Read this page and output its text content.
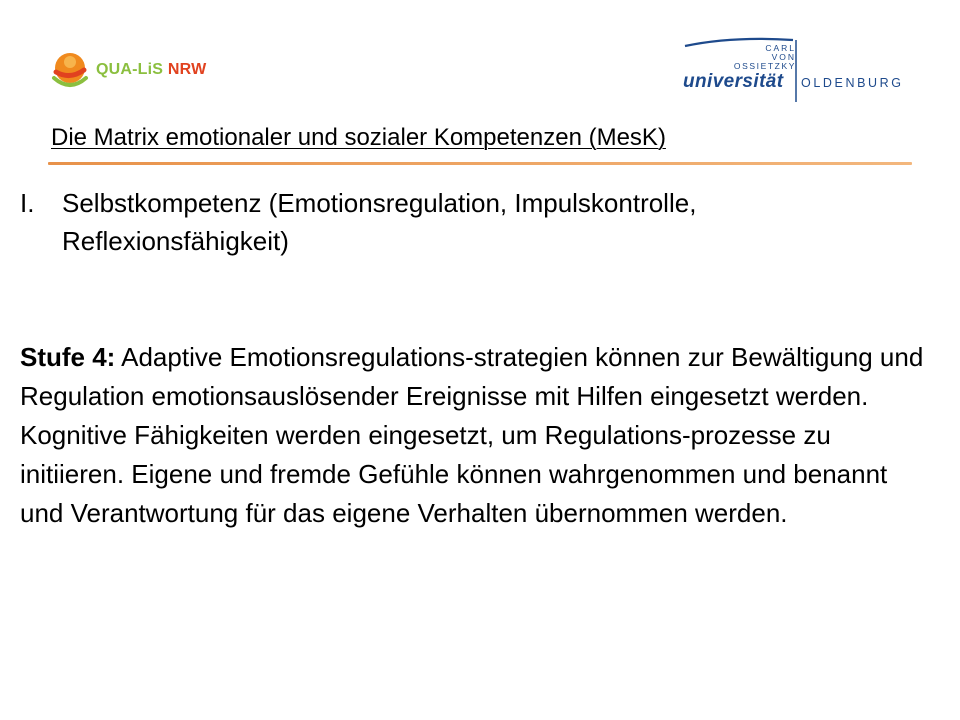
QUA-LiS NRW
CARL
VON
OSSIETZKY
universität OLDENBURG
Die Matrix emotionaler und sozialer Kompetenzen (MesK)
I. Selbstkompetenz (Emotionsregulation, Impulskontrolle, Reflexionsfähigkeit)
Stufe 4: Adaptive Emotionsregulations-strategien können zur Bewältigung und Regulation emotionsauslösender Ereignisse mit Hilfen eingesetzt werden. Kognitive Fähigkeiten werden eingesetzt, um Regulations-prozesse zu initiieren. Eigene und fremde Gefühle können wahrgenommen und benannt und Verantwortung für das eigene Verhalten übernommen werden.
